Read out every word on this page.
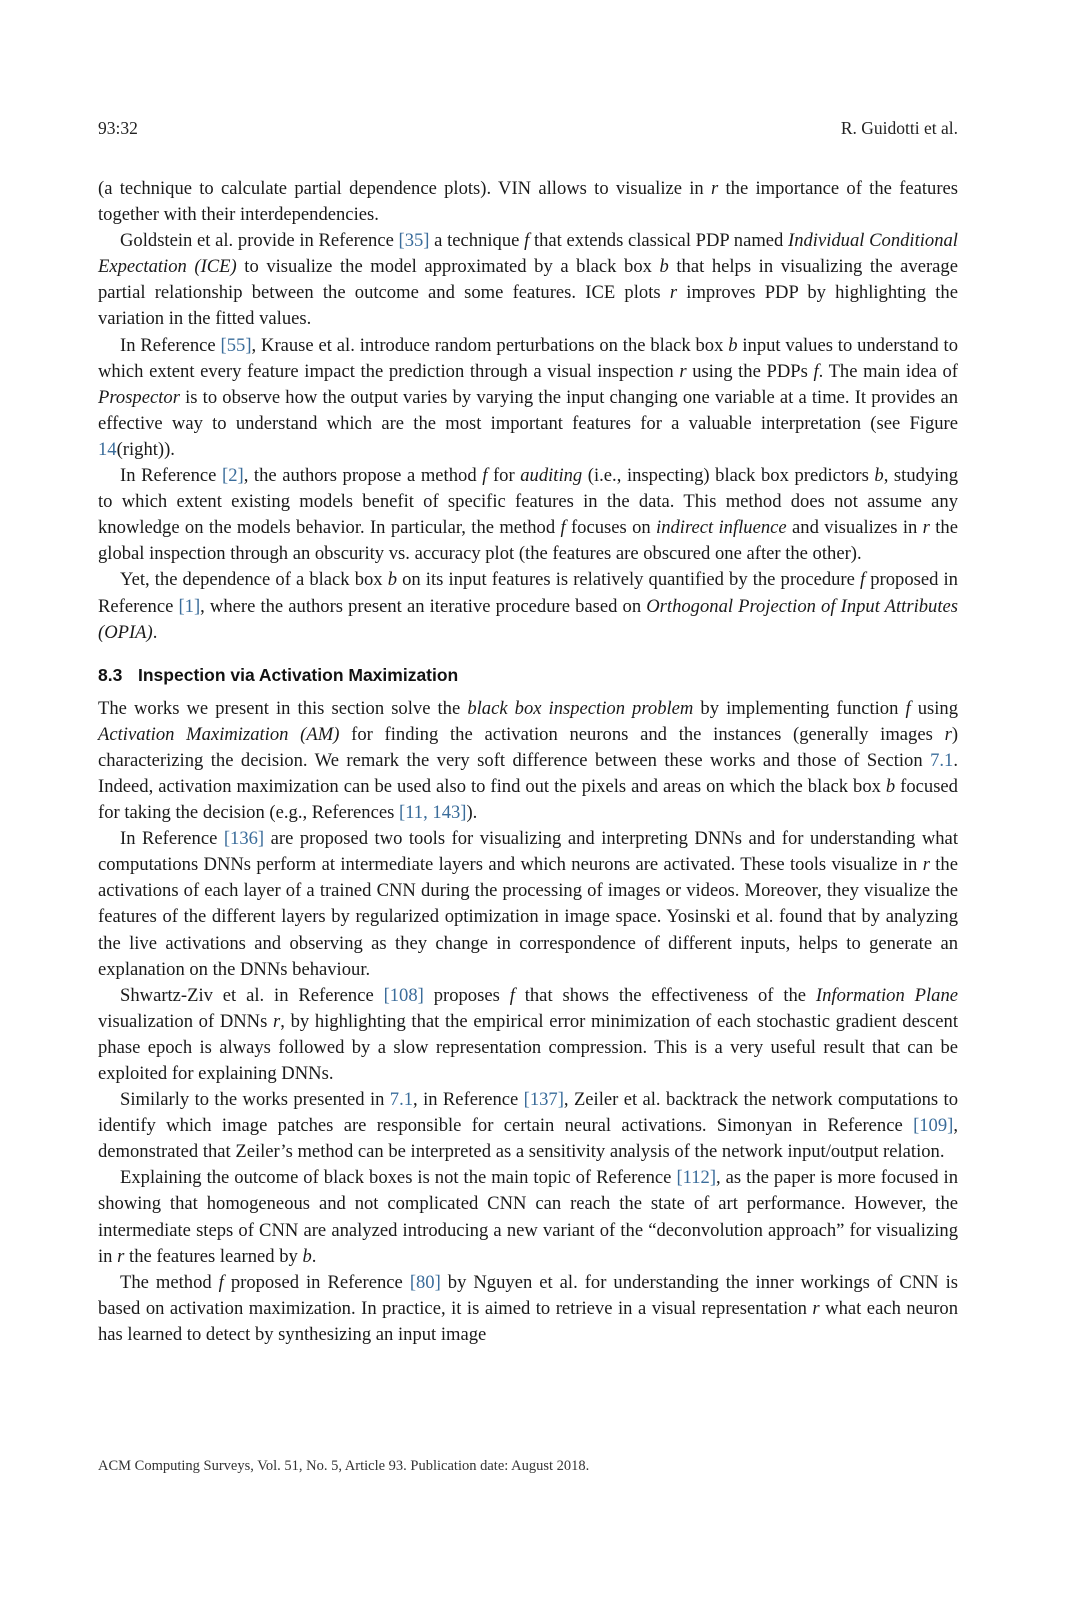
93:32	R. Guidotti et al.

(a technique to calculate partial dependence plots). VIN allows to visualize in r the importance of the features together with their interdependencies.

Goldstein et al. provide in Reference [35] a technique f that extends classical PDP named Individual Conditional Expectation (ICE) to visualize the model approximated by a black box b that helps in visualizing the average partial relationship between the outcome and some features. ICE plots r improves PDP by highlighting the variation in the fitted values.

In Reference [55], Krause et al. introduce random perturbations on the black box b input values to understand to which extent every feature impact the prediction through a visual inspection r using the PDPs f. The main idea of Prospector is to observe how the output varies by varying the input changing one variable at a time. It provides an effective way to understand which are the most important features for a valuable interpretation (see Figure 14(right)).

In Reference [2], the authors propose a method f for auditing (i.e., inspecting) black box predictors b, studying to which extent existing models benefit of specific features in the data. This method does not assume any knowledge on the models behavior. In particular, the method f focuses on indirect influence and visualizes in r the global inspection through an obscurity vs. accuracy plot (the features are obscured one after the other).

Yet, the dependence of a black box b on its input features is relatively quantified by the procedure f proposed in Reference [1], where the authors present an iterative procedure based on Orthogonal Projection of Input Attributes (OPIA).

8.3 Inspection via Activation Maximization

The works we present in this section solve the black box inspection problem by implementing function f using Activation Maximization (AM) for finding the activation neurons and the instances (generally images r) characterizing the decision. We remark the very soft difference between these works and those of Section 7.1. Indeed, activation maximization can be used also to find out the pixels and areas on which the black box b focused for taking the decision (e.g., References [11, 143]).

In Reference [136] are proposed two tools for visualizing and interpreting DNNs and for understanding what computations DNNs perform at intermediate layers and which neurons are activated. These tools visualize in r the activations of each layer of a trained CNN during the processing of images or videos. Moreover, they visualize the features of the different layers by regularized optimization in image space. Yosinski et al. found that by analyzing the live activations and observing as they change in correspondence of different inputs, helps to generate an explanation on the DNNs behaviour.

Shwartz-Ziv et al. in Reference [108] proposes f that shows the effectiveness of the Information Plane visualization of DNNs r, by highlighting that the empirical error minimization of each stochastic gradient descent phase epoch is always followed by a slow representation compression. This is a very useful result that can be exploited for explaining DNNs.

Similarly to the works presented in 7.1, in Reference [137], Zeiler et al. backtrack the network computations to identify which image patches are responsible for certain neural activations. Simonyan in Reference [109], demonstrated that Zeiler’s method can be interpreted as a sensitivity analysis of the network input/output relation.

Explaining the outcome of black boxes is not the main topic of Reference [112], as the paper is more focused in showing that homogeneous and not complicated CNN can reach the state of art performance. However, the intermediate steps of CNN are analyzed introducing a new variant of the “deconvolution approach” for visualizing in r the features learned by b.

The method f proposed in Reference [80] by Nguyen et al. for understanding the inner workings of CNN is based on activation maximization. In practice, it is aimed to retrieve in a visual representation r what each neuron has learned to detect by synthesizing an input image

ACM Computing Surveys, Vol. 51, No. 5, Article 93. Publication date: August 2018.
